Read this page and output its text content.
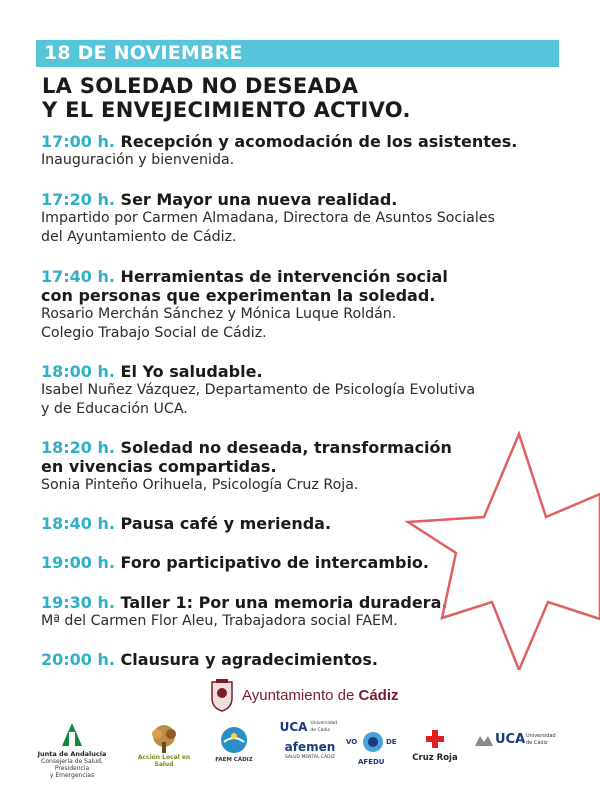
18 DE NOVIEMBRE
LA SOLEDAD NO DESEADA
Y EL ENVEJECIMIENTO ACTIVO.
17:00 h. Recepción y acomodación de los asistentes.
Inauguración y bienvenida.
17:20 h. Ser Mayor una nueva realidad.
Impartido por Carmen Almadana, Directora de Asuntos Sociales
del Ayuntamiento de Cádiz.
17:40 h. Herramientas de intervención social
con personas que experimentan la soledad.
Rosario Merchán Sánchez y Mónica Luque Roldán.
Colegio Trabajo Social de Cádiz.
18:00 h. El Yo saludable.
Isabel Nuñez Vázquez, Departamento de Psicología Evolutiva
y de Educación UCA.
18:20 h. Soledad no deseada, transformación
en vivencias compartidas.
Sonia Pinteño Orihuela, Psicología Cruz Roja.
18:40 h. Pausa café y merienda.
19:00 h. Foro participativo de intercambio.
19:30 h. Taller 1: Por una memoria duradera.
Mª del Carmen Flor Aleu, Trabajadora social FAEM.
20:00 h. Clausura y agradecimientos.
Ayuntamiento de Cádiz
Junta de Andalucía
Consejería de Salud, Presidencia
y Emergencias
Acción Local en Salud
FAEM CÁDIZ
UCA Universidad de Cádiz
afemen
SALUD MENTAL CÁDIZ
VO	DE
AFEDU	Cruz Roja
UCA Universidad
de Cádiz
